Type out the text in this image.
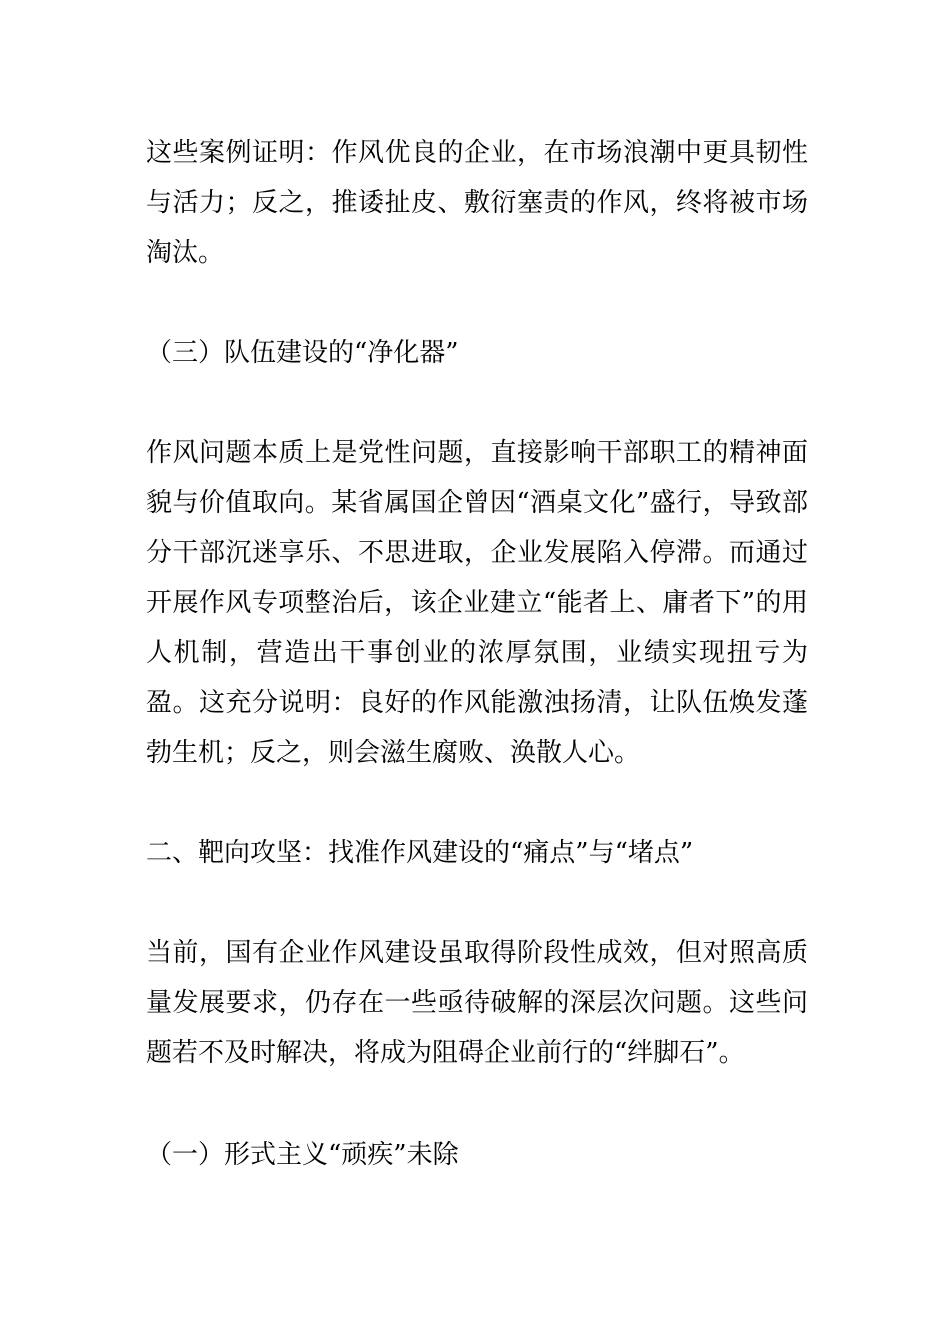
这些案例证明：作风优良的企业，在市场浪潮中更具韧性与活力；反之，推诿扯皮、敷衍塞责的作风，终将被市场淘汰。

（三）队伍建设的“净化器”

作风问题本质上是党性问题，直接影响干部职工的精神面貌与价值取向。某省属国企曾因“酒桌文化”盛行，导致部分干部沉迷享乐、不思进取，企业发展陷入停滞。而通过开展作风专项整治后，该企业建立“能者上、庸者下”的用人机制，营造出干事创业的浓厚氛围，业绩实现扭亏为盈。这充分说明：良好的作风能激浊扬清，让队伍焕发蓬勃生机；反之，则会滋生腐败、涣散人心。

二、靶向攻坚：找准作风建设的“痛点”与“堵点”

当前，国有企业作风建设虽取得阶段性成效，但对照高质量发展要求，仍存在一些亟待破解的深层次问题。这些问题若不及时解决，将成为阻碍企业前行的“绊脚石”。

（一）形式主义“顽疾”未除
